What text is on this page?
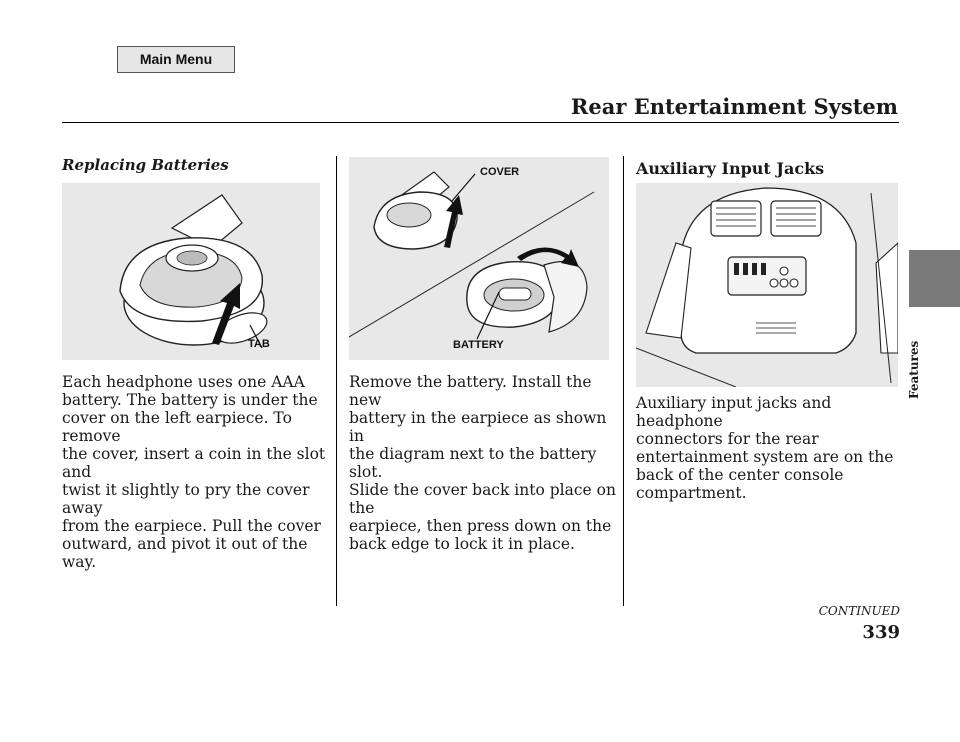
Main Menu
Rear Entertainment System
Features
Replacing Batteries
TAB
Each headphone uses one AAA
battery. The battery is under the
cover on the left earpiece. To remove
the cover, insert a coin in the slot and
twist it slightly to pry the cover away
from the earpiece. Pull the cover
outward, and pivot it out of the way.
COVER
BATTERY
Remove the battery. Install the new
battery in the earpiece as shown in
the diagram next to the battery slot.
Slide the cover back into place on the
earpiece, then press down on the
back edge to lock it in place.
Auxiliary Input Jacks
Auxiliary input jacks and headphone
connectors for the rear
entertainment system are on the
back of the center console
compartment.
CONTINUED
339
